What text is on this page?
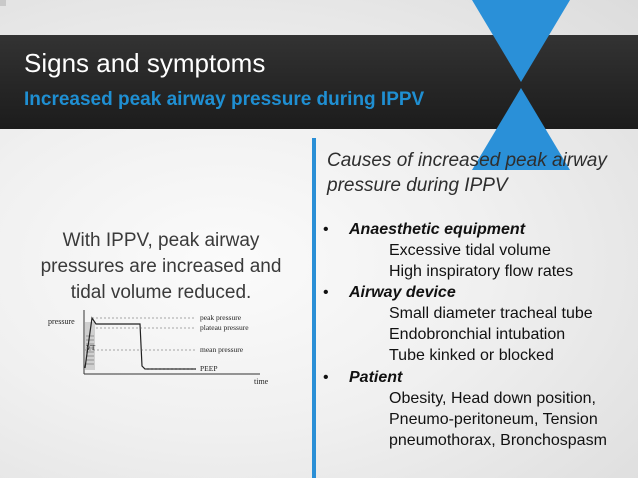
Signs and symptoms
Increased peak airway pressure during IPPV
With IPPV, peak airway pressures are increased and tidal volume reduced.
pressure
time
VT
peak pressure
plateau pressure
mean pressure
PEEP
Causes of increased peak airway pressure during IPPV
• Anaesthetic equipment
Excessive tidal volume
High inspiratory flow rates
• Airway device
Small diameter tracheal tube
Endobronchial intubation
Tube kinked or blocked
• Patient
Obesity, Head down position,
Pneumo-peritoneum, Tension
pneumothorax, Bronchospasm
